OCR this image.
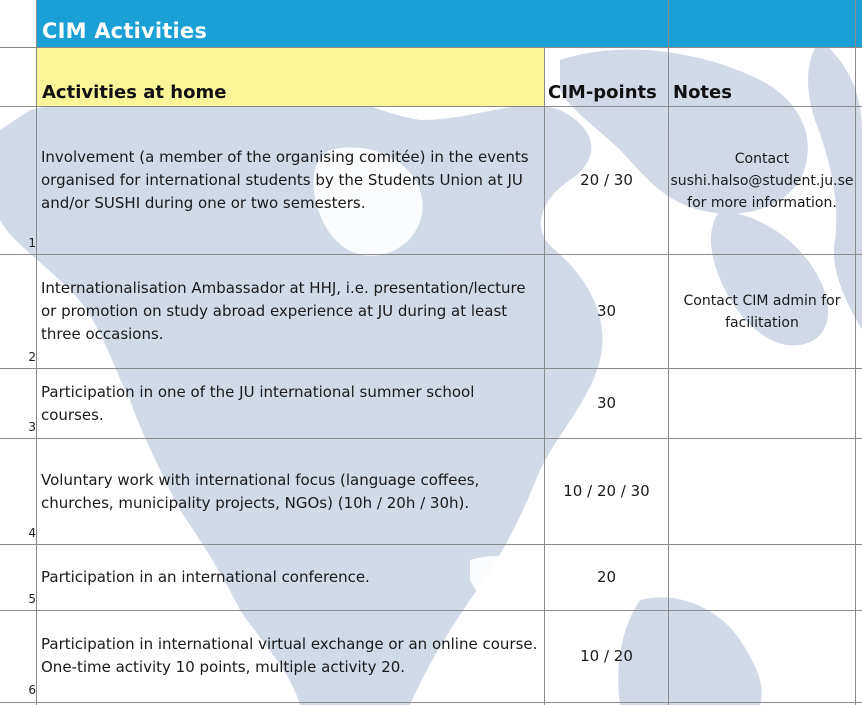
CIM Activities
Activities at home	CIM-points Notes
Involvement (a member of the organising comitée) in the events organised for international students by the Students Union at JU and/or SUSHI during one or two semesters.
20 / 30
Contact sushi.halso@student.ju.se for more information.
1
Internationalisation Ambassador at HHJ, i.e. presentation/lecture or promotion on study abroad experience at JU during at least three occasions.
30
Contact CIM admin for facilitation
2
Participation in one of the JU international summer school courses.
30
3
Voluntary work with international focus (language coffees, churches, municipality projects, NGOs) (10h / 20h / 30h).
10 / 20 / 30
4
Participation in an international conference.	20
5
Participation in international virtual exchange or an online course. One-time activity 10 points, multiple activity 20.
10 / 20
6
